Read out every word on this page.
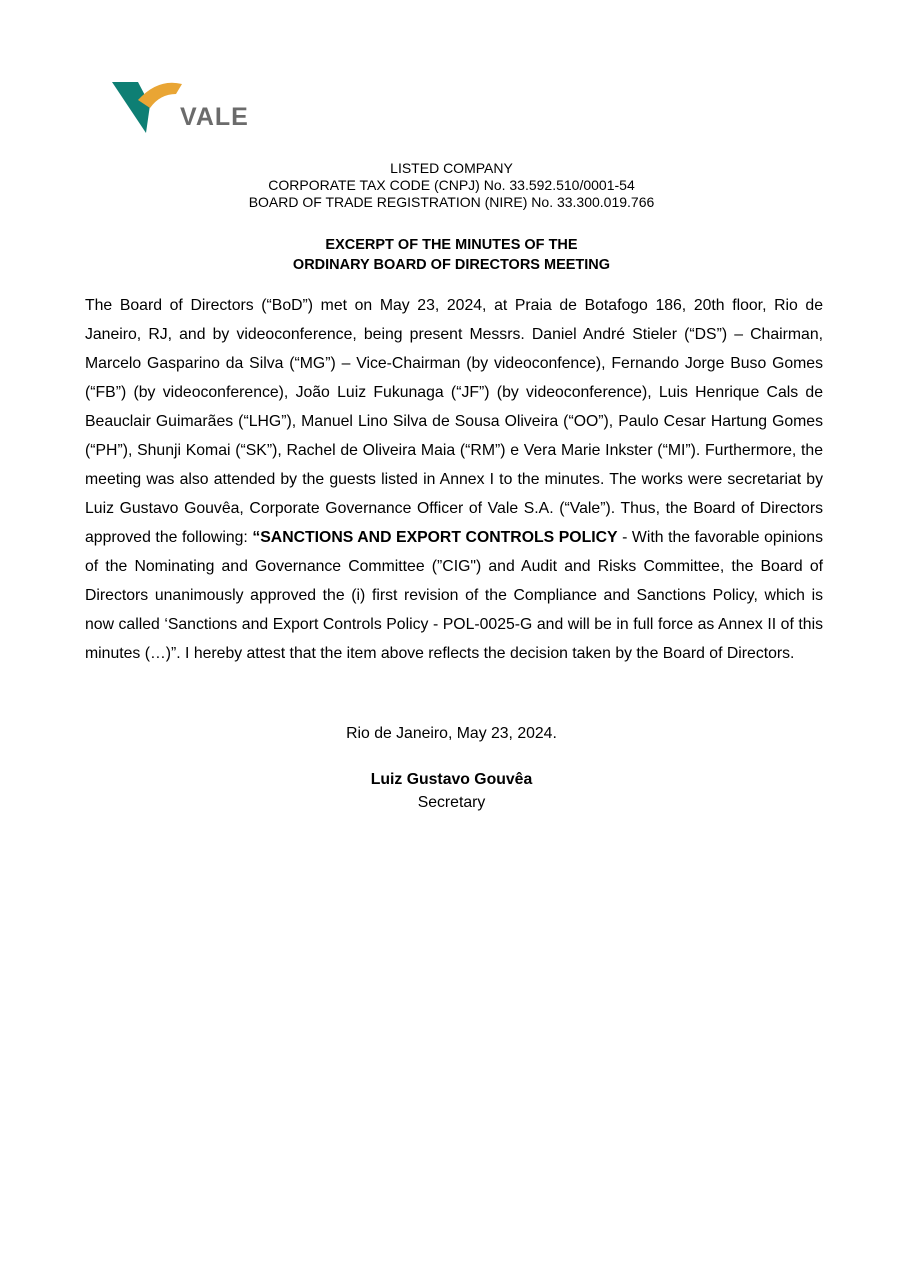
VALE
LISTED COMPANY
CORPORATE TAX CODE (CNPJ) No. 33.592.510/0001-54
BOARD OF TRADE REGISTRATION (NIRE) No. 33.300.019.766
EXCERPT OF THE MINUTES OF THE
ORDINARY BOARD OF DIRECTORS MEETING
The Board of Directors (“BoD”) met on May 23, 2024, at Praia de Botafogo 186, 20th floor, Rio de Janeiro, RJ, and by videoconference, being present Messrs. Daniel André Stieler (“DS”) – Chairman, Marcelo Gasparino da Silva (“MG”) – Vice-Chairman (by videoconfence), Fernando Jorge Buso Gomes (“FB”) (by videoconference), João Luiz Fukunaga (“JF”) (by videoconference), Luis Henrique Cals de Beauclair Guimarães (“LHG”), Manuel Lino Silva de Sousa Oliveira (“OO”), Paulo Cesar Hartung Gomes (“PH”), Shunji Komai (“SK”), Rachel de Oliveira Maia (“RM”) e Vera Marie Inkster (“MI”). Furthermore, the meeting was also attended by the guests listed in Annex I to the minutes. The works were secretariat by Luiz Gustavo Gouvêa, Corporate Governance Officer of Vale S.A. (“Vale”). Thus, the Board of Directors approved the following: “SANCTIONS AND EXPORT CONTROLS POLICY - With the favorable opinions of the Nominating and Governance Committee (”CIG") and Audit and Risks Committee, the Board of Directors unanimously approved the (i) first revision of the Compliance and Sanctions Policy, which is now called ‘Sanctions and Export Controls Policy - POL-0025-G and will be in full force as Annex II of this minutes (…)”. I hereby attest that the item above reflects the decision taken by the Board of Directors.
Rio de Janeiro, May 23, 2024.
Luiz Gustavo Gouvêa
Secretary
